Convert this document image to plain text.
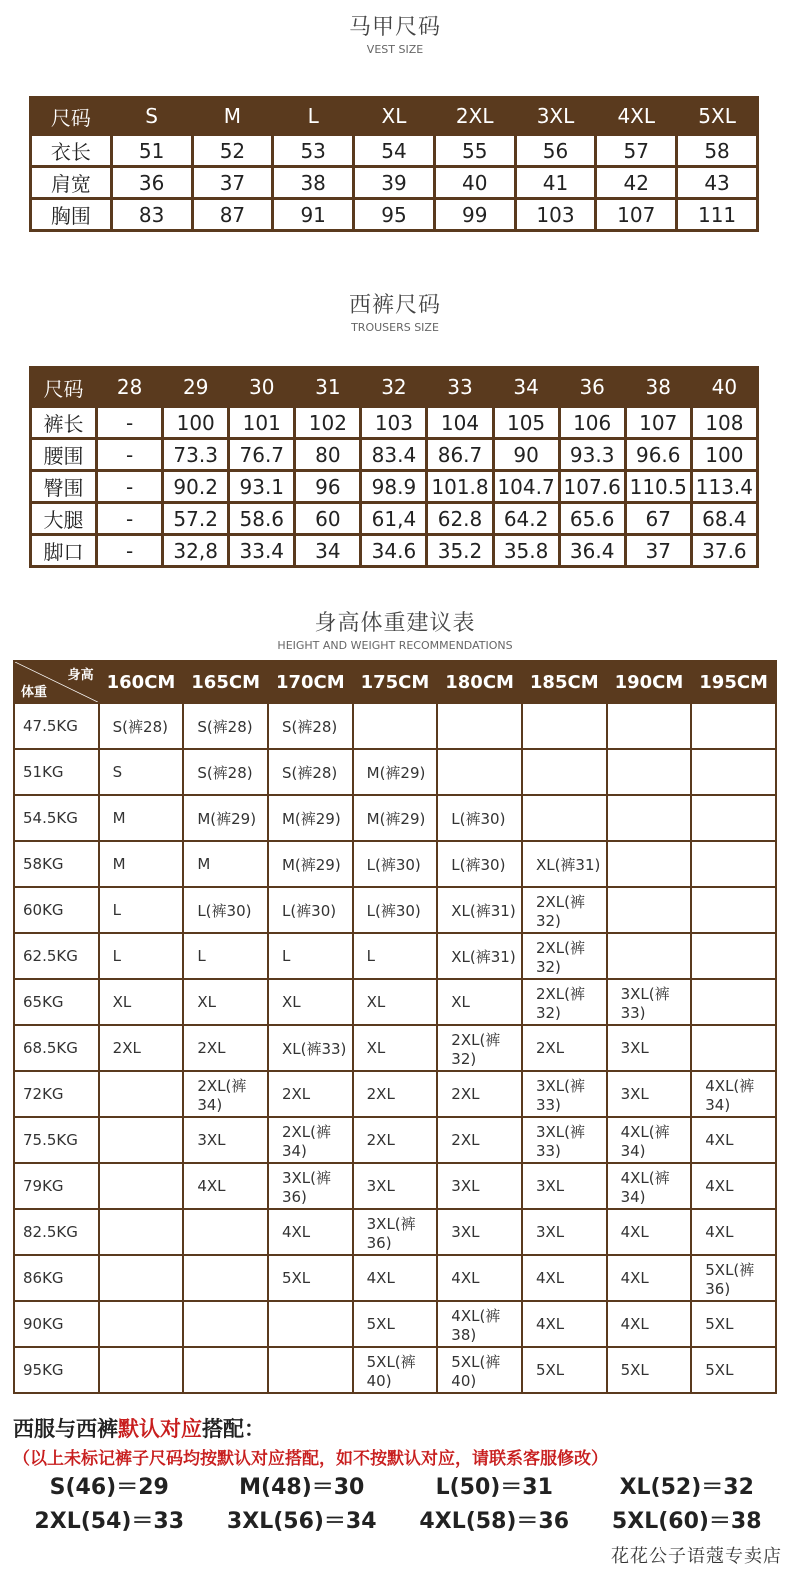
马甲尺码
VEST SIZE
尺码	S	M	L	XL	2XL	3XL	4XL	5XL
衣长	51	52	53	54	55	56	57	58
肩宽	36	37	38	39	40	41	42	43
胸围	83	87	91	95	99	103	107	111
西裤尺码
TROUSERS SIZE
尺码	28	29	30	31	32	33	34	36	38	40
裤长	-	100	101	102	103	104	105	106	107	108
腰围	-	73.3	76.7	80	83.4	86.7	90	93.3	96.6	100
臀围	-	90.2	93.1	96	98.9	101.8	104.7	107.6	110.5	113.4
大腿	-	57.2	58.6	60	61,4	62.8	64.2	65.6	67	68.4
脚口	-	32,8	33.4	34	34.6	35.2	35.8	36.4	37	37.6
身高体重建议表
HEIGHT AND WEIGHT RECOMMENDATIONS
身高
体重	160CM	165CM	170CM	175CM	180CM	185CM	190CM	195CM
47.5KG	S(裤28)	S(裤28)	S(裤28)					
51KG	S	S(裤28)	S(裤28)	M(裤29)				
54.5KG	M	M(裤29)	M(裤29)	M(裤29)	L(裤30)			
58KG	M	M	M(裤29)	L(裤30)	L(裤30)	XL(裤31)		
60KG	L	L(裤30)	L(裤30)	L(裤30)	XL(裤31)	2XL(裤32)		
62.5KG	L	L	L	L	XL(裤31)	2XL(裤32)		
65KG	XL	XL	XL	XL	XL	2XL(裤32)	3XL(裤33)	
68.5KG	2XL	2XL	XL(裤33)	XL	2XL(裤32)	2XL	3XL	
72KG		2XL(裤34)	2XL	2XL	2XL	3XL(裤33)	3XL	4XL(裤34)
75.5KG		3XL	2XL(裤34)	2XL	2XL	3XL(裤33)	4XL(裤34)	4XL
79KG		4XL	3XL(裤36)	3XL	3XL	3XL	4XL(裤34)	4XL
82.5KG			4XL	3XL(裤36)	3XL	3XL	4XL	4XL
86KG			5XL	4XL	4XL	4XL	4XL	5XL(裤36)
90KG				5XL	4XL(裤38)	4XL	4XL	5XL
95KG				5XL(裤40)	5XL(裤40)	5XL	5XL	5XL
西服与西裤默认对应搭配：
（以上未标记裤子尺码均按默认对应搭配，如不按默认对应，请联系客服修改）
S(46)＝29	M(48)＝30	L(50)＝31	XL(52)＝32
2XL(54)＝33	3XL(56)＝34	4XL(58)＝36	5XL(60)＝38
花花公子语蔻专卖店
